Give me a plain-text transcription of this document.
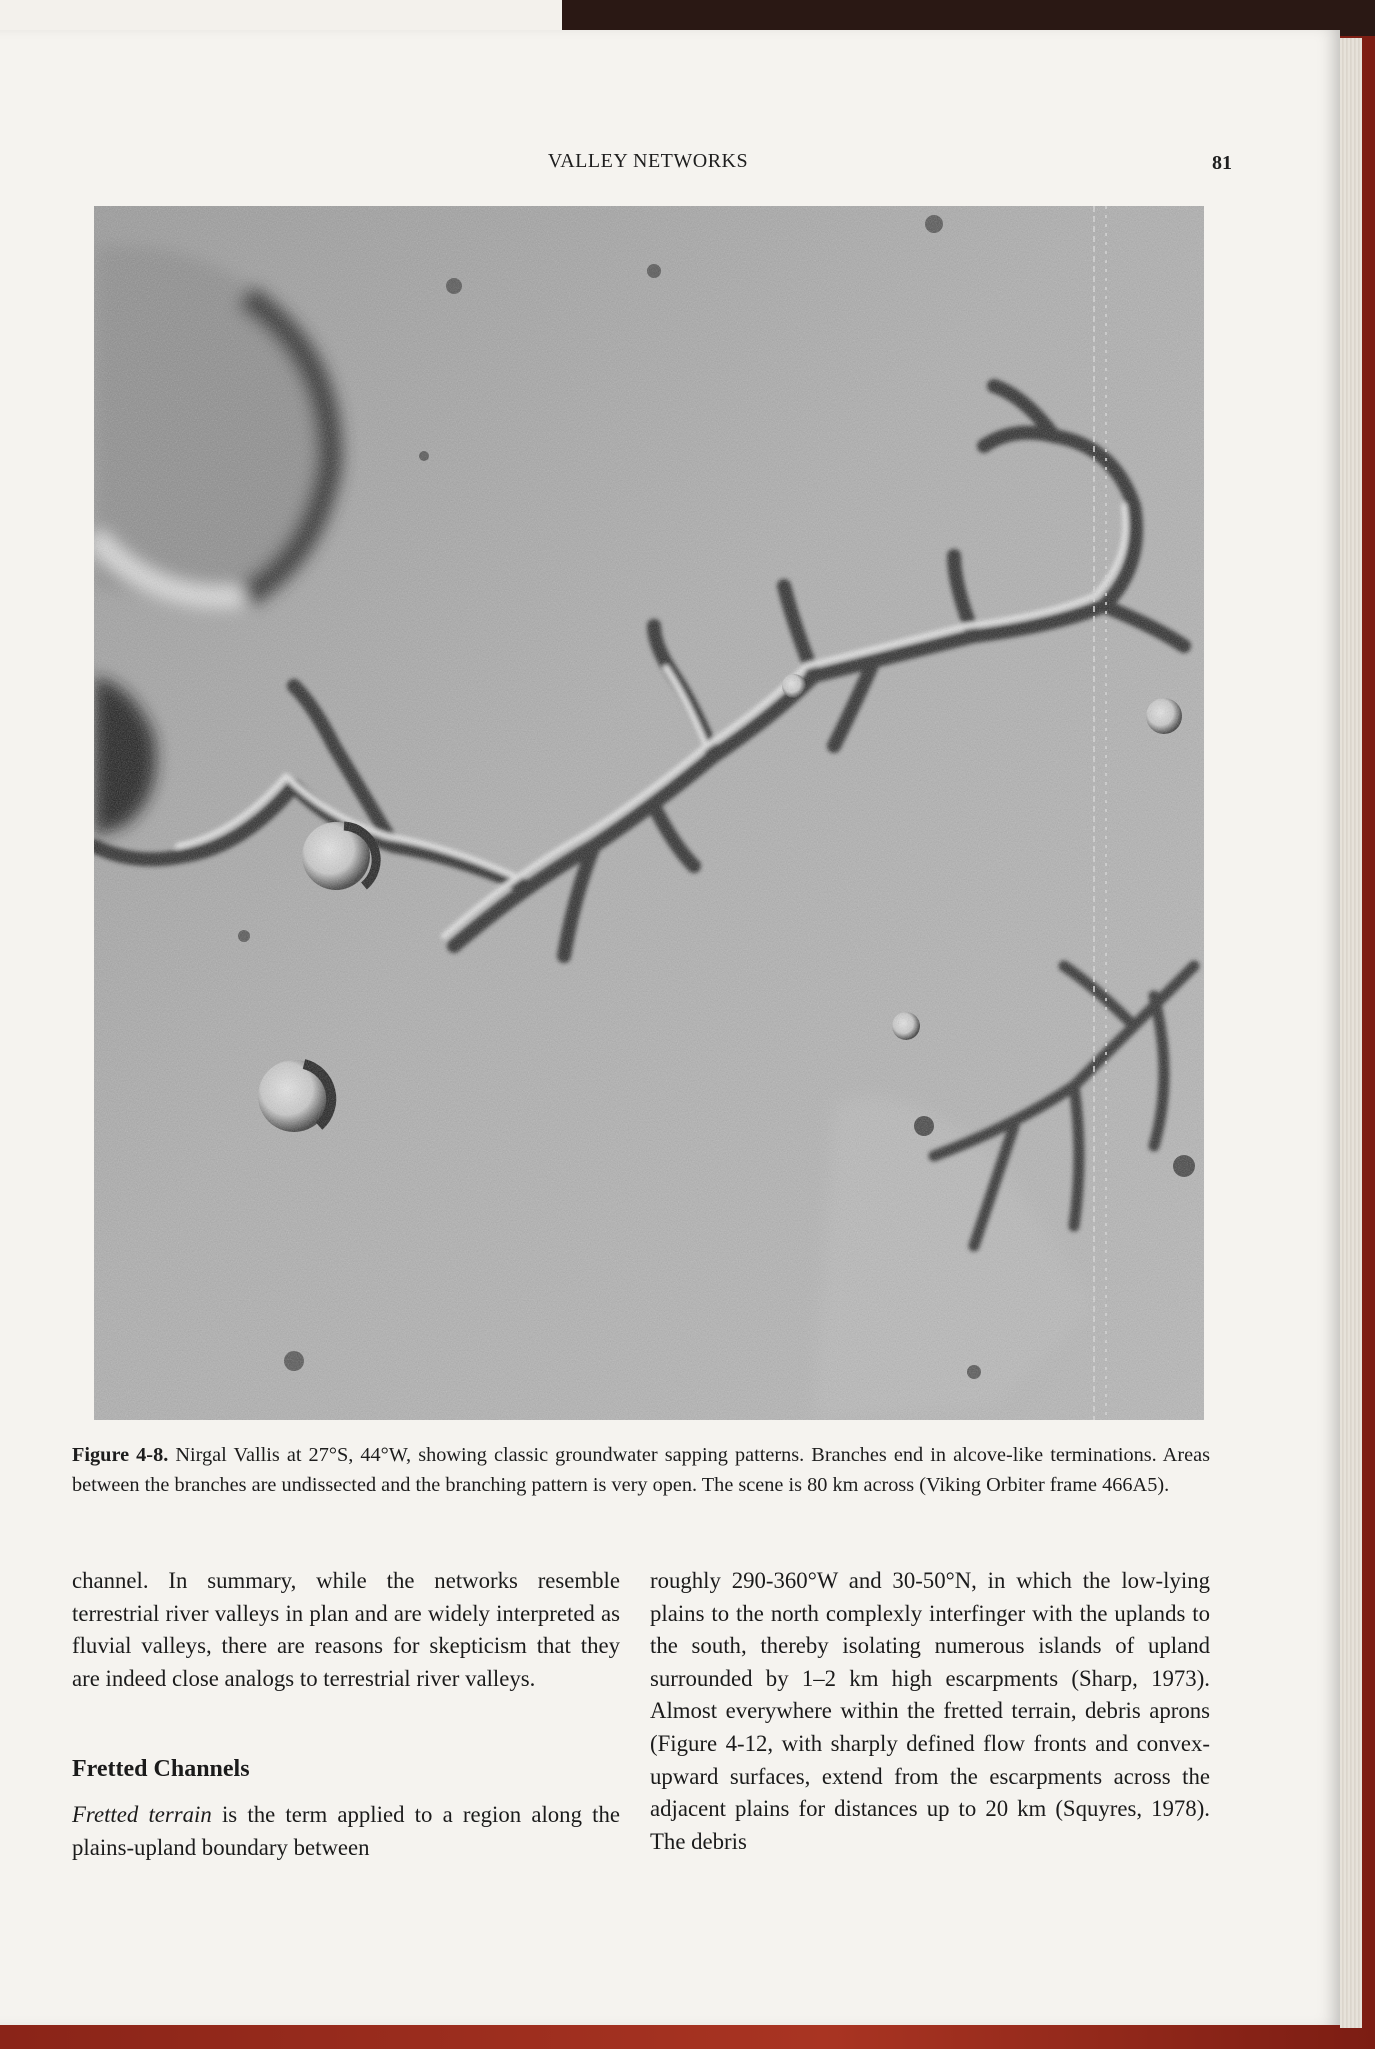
VALLEY NETWORKS	81
Figure 4-8. Nirgal Vallis at 27°S, 44°W, showing classic groundwater sapping patterns. Branches end in alcove-like terminations. Areas between the branches are undissected and the branching pattern is very open. The scene is 80 km across (Viking Orbiter frame 466A5).

channel. In summary, while the networks resemble terrestrial river valleys in plan and are widely interpreted as fluvial valleys, there are reasons for skepticism that they are indeed close analogs to terrestrial river valleys.

Fretted Channels

Fretted terrain is the term applied to a region along the plains-upland boundary between

roughly 290-360°W and 30-50°N, in which the low-lying plains to the north complexly interfinger with the uplands to the south, thereby isolating numerous islands of upland surrounded by 1–2 km high escarpments (Sharp, 1973). Almost everywhere within the fretted terrain, debris aprons (Figure 4-12, with sharply defined flow fronts and convex-upward surfaces, extend from the escarpments across the adjacent plains for distances up to 20 km (Squyres, 1978). The debris
